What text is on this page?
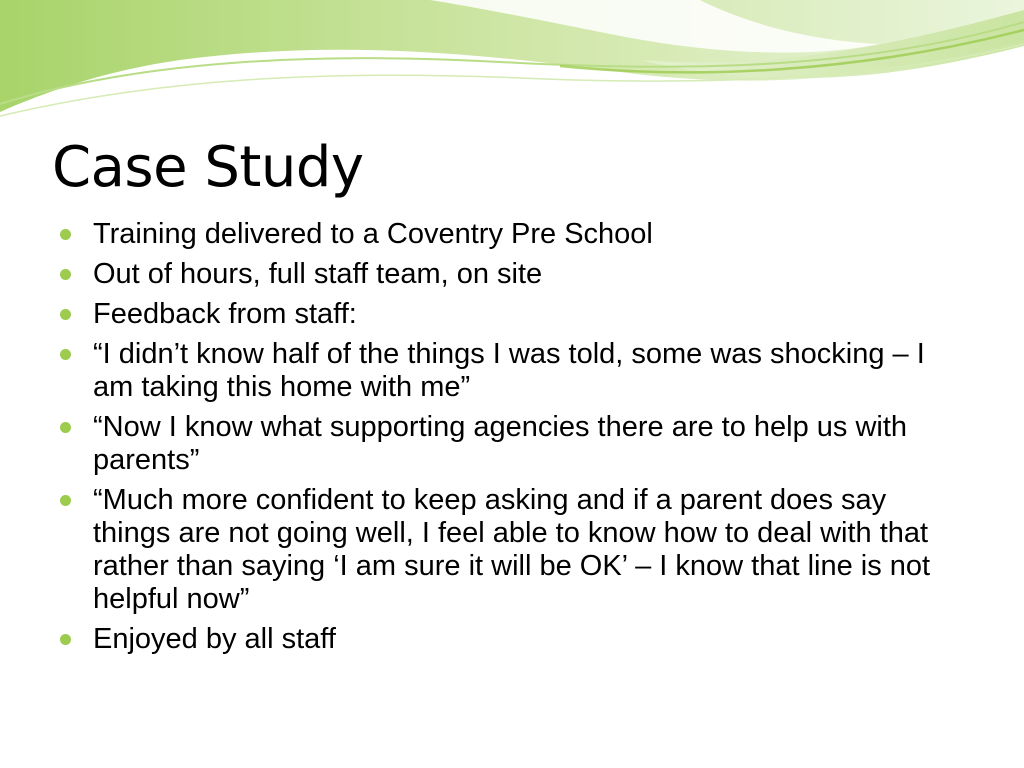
Case Study
Training delivered to a Coventry Pre School
Out of hours, full staff team, on site
Feedback from staff:
“I didn’t know half of the things I was told, some was shocking – I am taking this home with me”
“Now I know what supporting agencies there are to help us with parents”
“Much more confident to keep asking and if a parent does say things are not going well, I feel able to know how to deal with that rather than saying ‘I am sure it will be OK’ – I know that line is not helpful now”
Enjoyed by all staff
